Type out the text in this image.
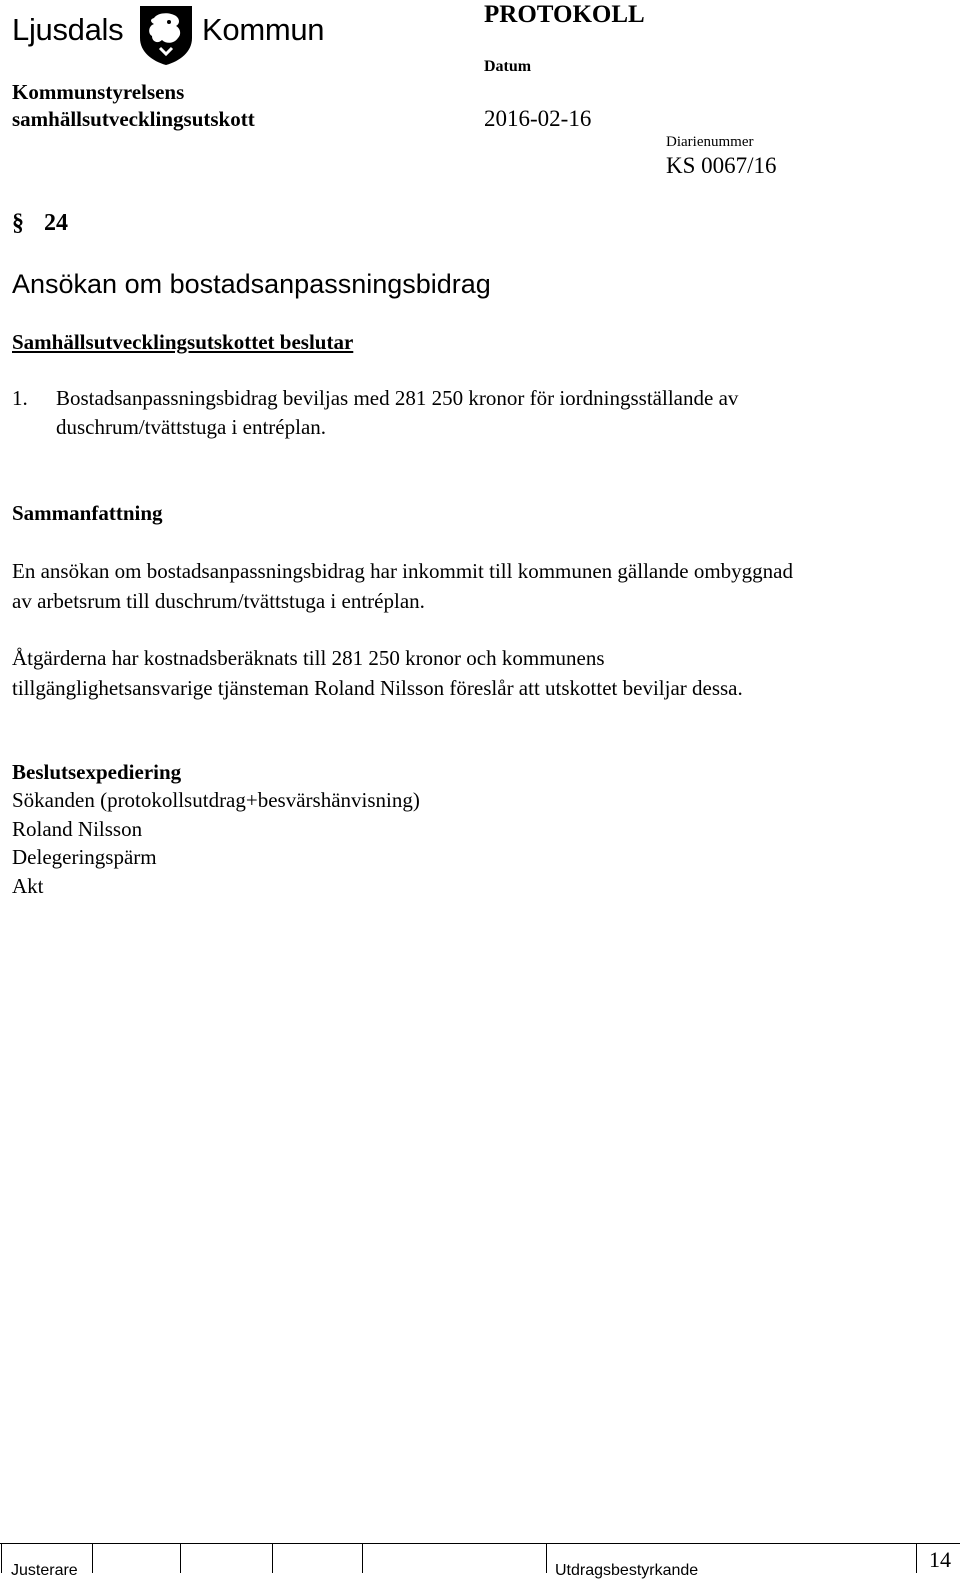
Ljusdals	Kommun	PROTOKOLL
Kommunstyrelsens
samhällsutvecklingsutskott
Datum
2016-02-16
Diarienummer
KS 0067/16
§ 24
Ansökan om bostadsanpassningsbidrag
Samhällsutvecklingsutskottet beslutar
1. Bostadsanpassningsbidrag beviljas med 281 250 kronor för iordningsställande av
duschrum/tvättstuga i entréplan.
Sammanfattning
En ansökan om bostadsanpassningsbidrag har inkommit till kommunen gällande ombyggnad
av arbetsrum till duschrum/tvättstuga i entréplan.
Åtgärderna har kostnadsberäknats till 281 250 kronor och kommunens
tillgänglighetsansvarige tjänsteman Roland Nilsson föreslår att utskottet beviljar dessa.
Beslutsexpediering
Sökanden (protokollsutdrag+besvärshänvisning)
Roland Nilsson
Delegeringspärm
Akt
Justerare	Utdragsbestyrkande	14
